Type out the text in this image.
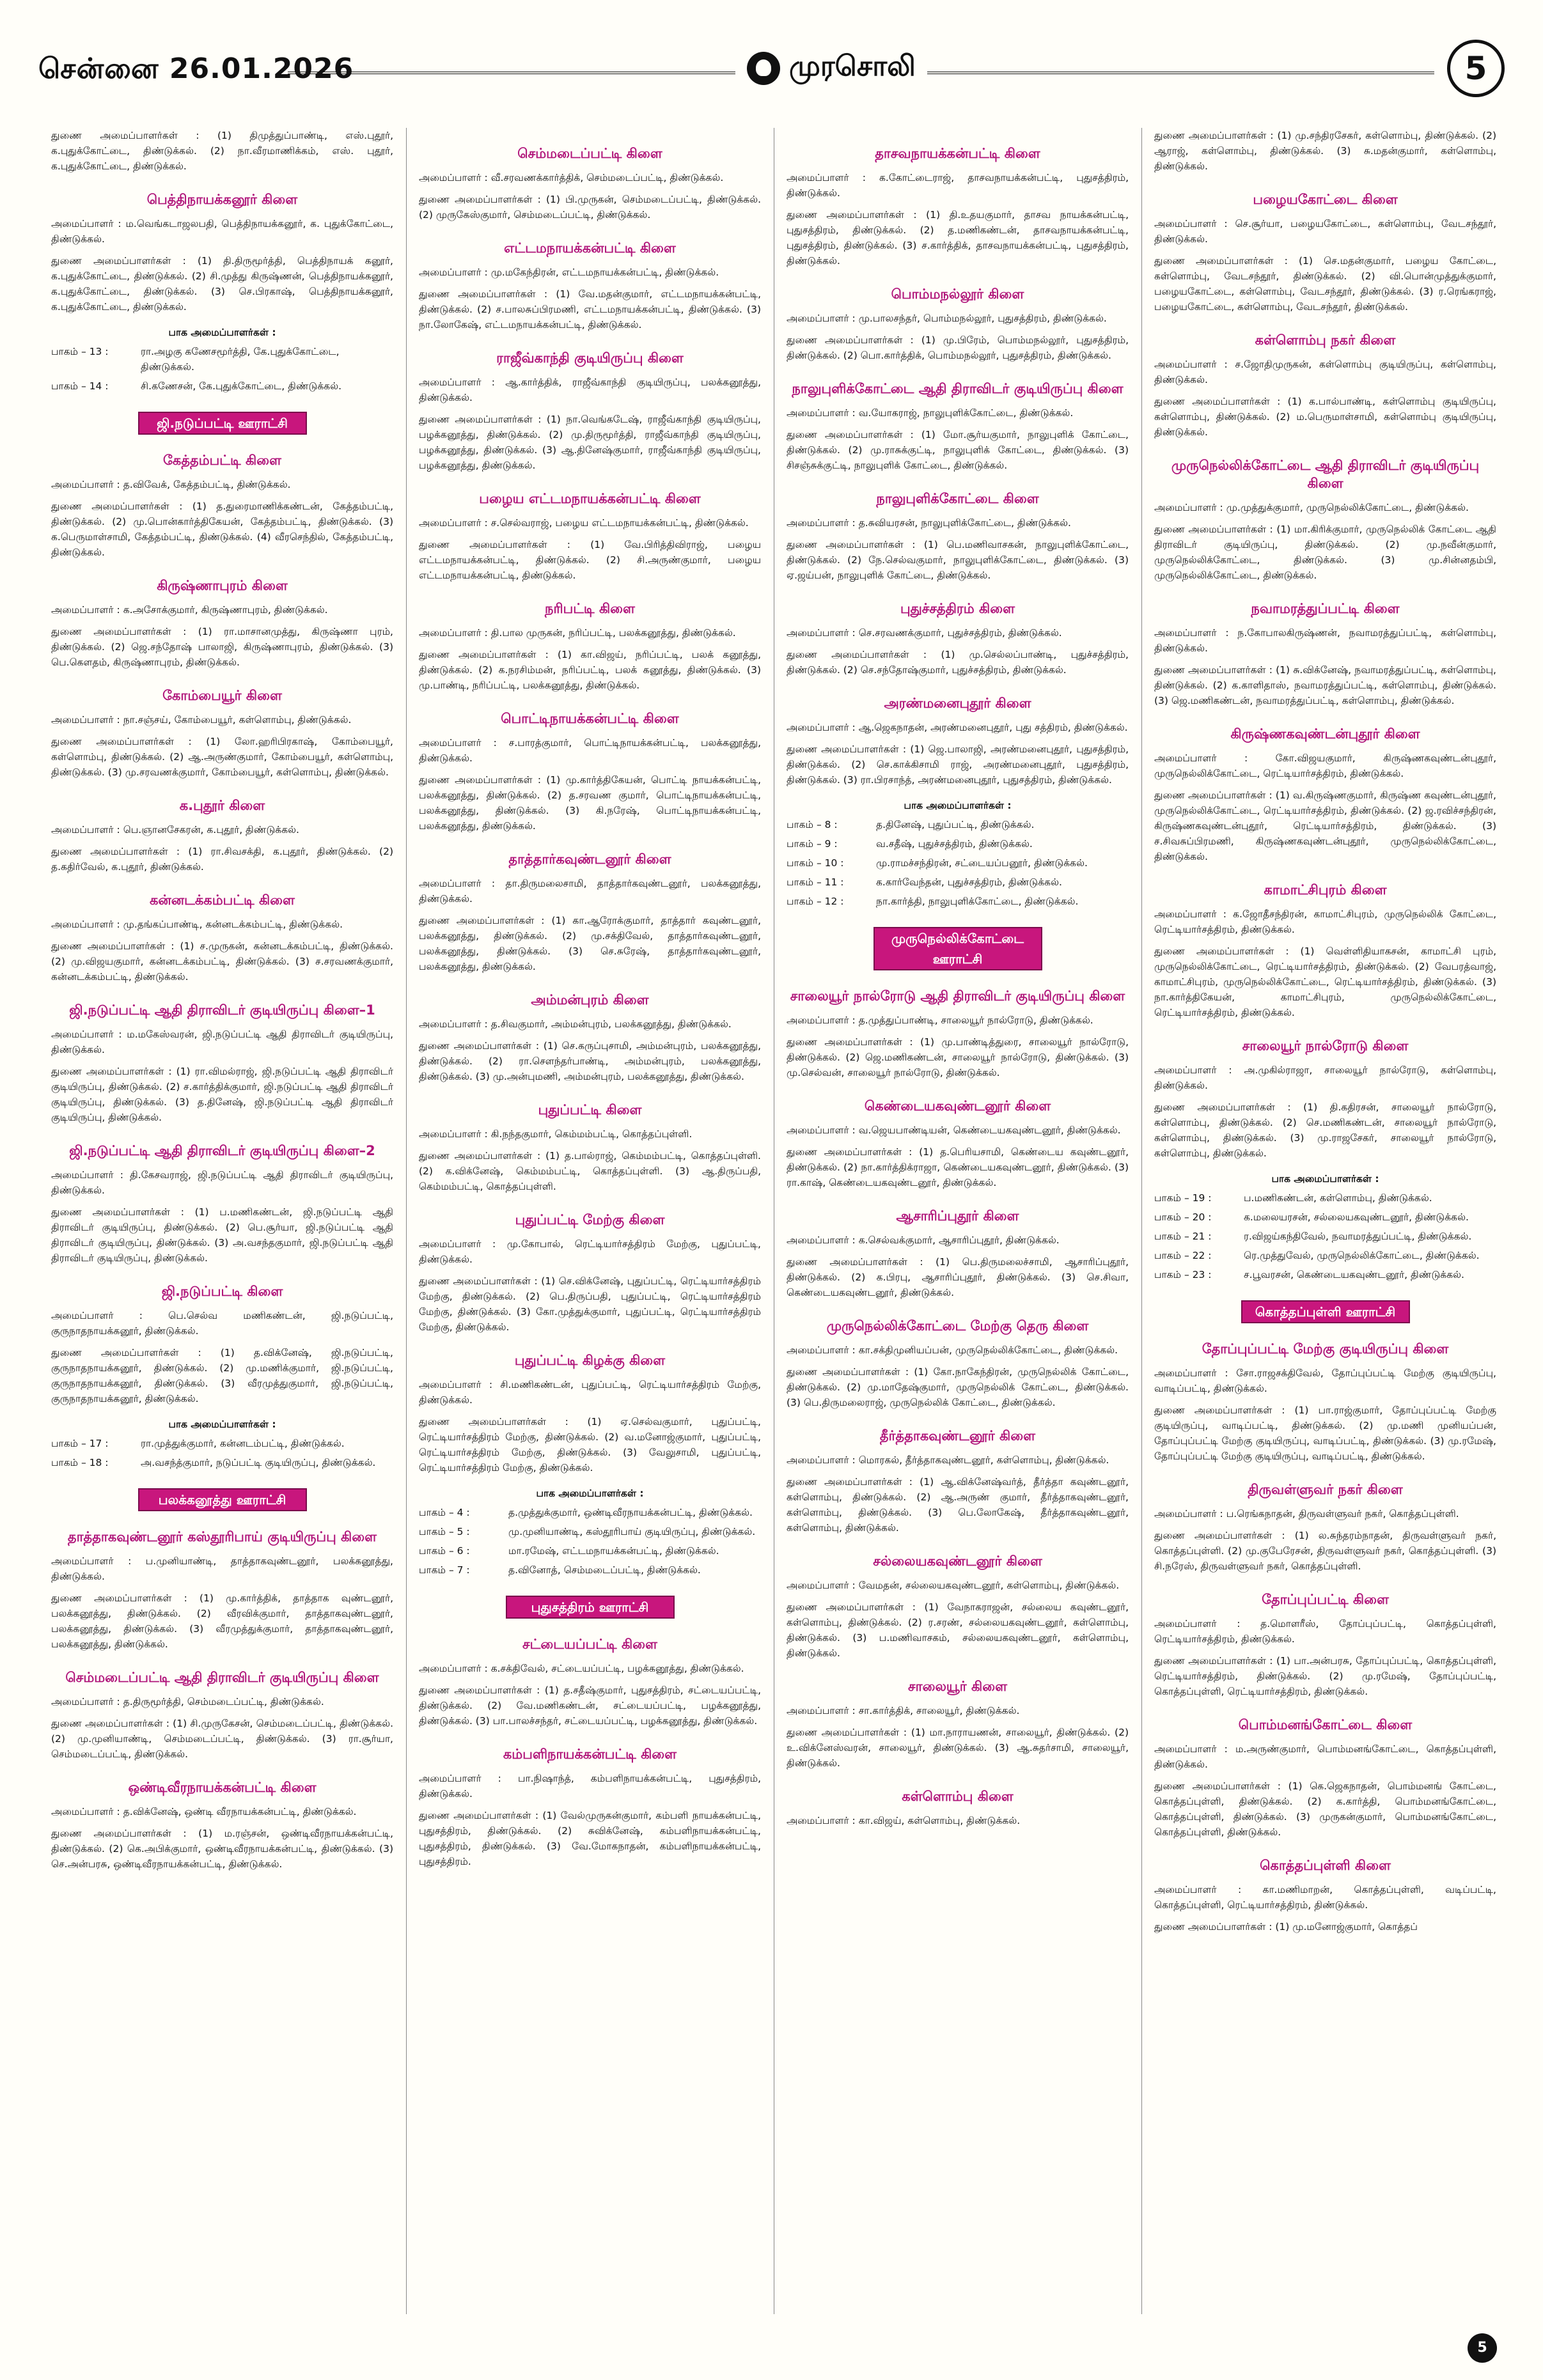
சென்னை 26.01.2026	முரசொலி	5

துணை அமைப்பாளர்கள் : (1) திமுத்துப்பாண்டி, எஸ்.புதூர், க.புதுக்கோட்டை, திண்டுக்கல். (2) நா.வீரமாணிக்கம், எஸ். புதூர், க.புதுக்கோட்டை, திண்டுக்கல்.

பெத்திநாயக்கனூர் கிளை

அமைப்பாளர் : ம.வெங்கடாஜலபதி, பெத்திநாயக்கனூர், க. புதுக்கோட்டை, திண்டுக்கல்.

துணை அமைப்பாளர்கள் : (1) தி.திருமூர்த்தி, பெத்திநாயக் கனூர், க.புதுக்கோட்டை, திண்டுக்கல். (2) சி.முத்து கிருஷ்ணன், பெத்திநாயக்கனூர், க.புதுக்கோட்டை, திண்டுக்கல். (3) செ.பிரகாஷ், பெத்திநாயக்கனூர், க.புதுக்கோட்டை, திண்டுக்கல்.

பாக அமைப்பாளர்கள் :
பாகம் – 13 :	ரா.அழகு கணேசமூர்த்தி, கே.புதுக்கோட்டை, திண்டுக்கல்.
பாகம் – 14 :	சி.கணேசன், கே.புதுக்கோட்டை, திண்டுக்கல்.
ஜி.நடுப்பட்டி ஊராட்சி
கேத்தம்பட்டி கிளை

அமைப்பாளர் : த.விவேக், கேத்தம்பட்டி, திண்டுக்கல்.

துணை அமைப்பாளர்கள் : (1) த.துரைமாணிக்கண்டன், கேத்தம்பட்டி, திண்டுக்கல். (2) மு.பொன்கார்த்திகேயன், கேத்தம்பட்டி, திண்டுக்கல். (3) க.பெருமாள்சாமி, கேத்தம்பட்டி, திண்டுக்கல். (4) வீரசெந்தில், கேத்தம்பட்டி, திண்டுக்கல்.

கிருஷ்ணாபுரம் கிளை

அமைப்பாளர் : க.அசோக்குமார், கிருஷ்ணாபுரம், திண்டுக்கல்.

துணை அமைப்பாளர்கள் : (1) ரா.மாசானமுத்து, கிருஷ்ணா புரம், திண்டுக்கல். (2) ஜெ.சந்தோஷ் பாலாஜி, கிருஷ்ணாபுரம், திண்டுக்கல். (3) பெ.கௌதம், கிருஷ்ணாபுரம், திண்டுக்கல்.

கோம்பையூர் கிளை

அமைப்பாளர் : நா.சஞ்சய், கோம்பையூர், கள்ளொம்பு, திண்டுக்கல்.

துணை அமைப்பாளர்கள் : (1) லோ.ஹரிபிரகாஷ், கோம்பையூர், கள்ளொம்பு, திண்டுக்கல். (2) ஆ.அருண்குமார், கோம்பையூர், கள்ளொம்பு, திண்டுக்கல். (3) மு.சரவணக்குமார், கோம்பையூர், கள்ளொம்பு, திண்டுக்கல்.

க.புதூர் கிளை

அமைப்பாளர் : பெ.ஞானசேகரன், க.புதூர், திண்டுக்கல்.

துணை அமைப்பாளர்கள் : (1) ரா.சிவசக்தி, க.புதூர், திண்டுக்கல். (2) த.கதிர்வேல், க.புதூர், திண்டுக்கல்.

கன்னடக்கம்பட்டி கிளை

அமைப்பாளர் : மு.தங்கப்பாண்டி, கன்னடக்கம்பட்டி, திண்டுக்கல்.

துணை அமைப்பாளர்கள் : (1) ச.முருகன், கன்னடக்கம்பட்டி, திண்டுக்கல். (2) மு.விஜயகுமார், கன்னடக்கம்பட்டி, திண்டுக்கல். (3) ச.சரவணக்குமார், கன்னடக்கம்பட்டி, திண்டுக்கல்.

ஜி.நடுப்பட்டி ஆதி திராவிடர் குடியிருப்பு கிளை–1

அமைப்பாளர் : ம.மகேஸ்வரன், ஜி.நடுப்பட்டி ஆதி திராவிடர் குடியிருப்பு, திண்டுக்கல்.

துணை அமைப்பாளர்கள் : (1) ரா.விமல்ராஜ், ஜி.நடுப்பட்டி ஆதி திராவிடர் குடியிருப்பு, திண்டுக்கல். (2) ச.கார்த்திக்குமார், ஜி.நடுப்பட்டி ஆதி திராவிடர் குடியிருப்பு, திண்டுக்கல். (3) த.தினேஷ், ஜி.நடுப்பட்டி ஆதி திராவிடர் குடியிருப்பு, திண்டுக்கல்.

ஜி.நடுப்பட்டி ஆதி திராவிடர் குடியிருப்பு கிளை–2

அமைப்பாளர் : தி.கேசவராஜ், ஜி.நடுப்பட்டி ஆதி திராவிடர் குடியிருப்பு, திண்டுக்கல்.

துணை அமைப்பாளர்கள் : (1) ப.மணிகண்டன், ஜி.நடுப்பட்டி ஆதி திராவிடர் குடியிருப்பு, திண்டுக்கல். (2) பெ.சூர்யா, ஜி.நடுப்பட்டி ஆதி திராவிடர் குடியிருப்பு, திண்டுக்கல். (3) அ.வசந்தகுமார், ஜி.நடுப்பட்டி ஆதி திராவிடர் குடியிருப்பு, திண்டுக்கல்.

ஜி.நடுப்பட்டி கிளை

அமைப்பாளர் : பெ.செல்வ மணிகண்டன், ஜி.நடுப்பட்டி, குருநாதநாயக்கனூர், திண்டுக்கல்.

துணை அமைப்பாளர்கள் : (1) த.விக்னேஷ், ஜி.நடுப்பட்டி, குருநாதநாயக்கனூர், திண்டுக்கல். (2) மு.மணிக்குமார், ஜி.நடுப்பட்டி, குருநாதநாயக்கனூர், திண்டுக்கல். (3) வீரமுத்துகுமார், ஜி.நடுப்பட்டி, குருநாதநாயக்கனூர், திண்டுக்கல்.

பாக அமைப்பாளர்கள் :
பாகம் – 17 :	ரா.முத்துக்குமார், கன்னடம்பட்டி, திண்டுக்கல்.
பாகம் – 18 :	அ.வசந்த்குமார், நடுப்பட்டி குடியிருப்பு, திண்டுக்கல்.
பலக்கனூத்து ஊராட்சி
தாத்தாகவுண்டனூர் கஸ்தூரிபாய் குடியிருப்பு கிளை

அமைப்பாளர் : ப.முனியாண்டி, தாத்தாகவுண்டனூர், பலக்கனூத்து, திண்டுக்கல்.

துணை அமைப்பாளர்கள் : (1) மு.கார்த்திக், தாத்தாக வுண்டனூர், பலக்கனூத்து, திண்டுக்கல். (2) வீரவிக்குமார், தாத்தாகவுண்டனூர், பலக்கனூத்து, திண்டுக்கல். (3) வீரமுத்துக்குமார், தாத்தாகவுண்டனூர், பலக்கனூத்து, திண்டுக்கல்.

செம்மடைப்பட்டி ஆதி திராவிடர் குடியிருப்பு கிளை

அமைப்பாளர் : த.திருமூர்த்தி, செம்மடைப்பட்டி, திண்டுக்கல்.

துணை அமைப்பாளர்கள் : (1) சி.முருகேசன், செம்மடைப்பட்டி, திண்டுக்கல். (2) மு.முனியாண்டி, செம்மடைப்பட்டி, திண்டுக்கல். (3) ரா.சூர்யா, செம்மடைப்பட்டி, திண்டுக்கல்.

ஒண்டிவீரநாயக்கன்பட்டி கிளை

அமைப்பாளர் : த.விக்னேஷ், ஒண்டி வீரநாயக்கன்பட்டி, திண்டுக்கல்.

துணை அமைப்பாளர்கள் : (1) ம.ரஞ்சன், ஒண்டிவீரநாயக்கன்பட்டி, திண்டுக்கல். (2) கெ.அபிக்குமார், ஒண்டிவீரநாயக்கன்பட்டி, திண்டுக்கல். (3) செ.அன்பரசு, ஒண்டிவீரநாயக்கன்பட்டி, திண்டுக்கல்.

செம்மடைப்பட்டி கிளை

அமைப்பாளர் : வீ.சரவணக்கார்த்திக், செம்மடைப்பட்டி, திண்டுக்கல்.

துணை அமைப்பாளர்கள் : (1) பி.முருகன், செம்மடைப்பட்டி, திண்டுக்கல். (2) முருகேஸ்குமார், செம்மடைப்பட்டி, திண்டுக்கல்.

எட்டமநாயக்கன்பட்டி கிளை

அமைப்பாளர் : மு.மகேந்திரன், எட்டமநாயக்கன்பட்டி, திண்டுக்கல்.

துணை அமைப்பாளர்கள் : (1) வே.மதன்குமார், எட்டமநாயக்கன்பட்டி, திண்டுக்கல். (2) ச.பாலசுப்பிரமணி, எட்டமநாயக்கன்பட்டி, திண்டுக்கல். (3) நா.லோகேஷ், எட்டமநாயக்கன்பட்டி, திண்டுக்கல்.

ராஜீவ்காந்தி குடியிருப்பு கிளை

அமைப்பாளர் : ஆ.கார்த்திக், ராஜீவ்காந்தி குடியிருப்பு, பலக்கனூத்து, திண்டுக்கல்.

துணை அமைப்பாளர்கள் : (1) நா.வெங்கடேஷ், ராஜீவ்காந்தி குடியிருப்பு, பழக்கனூத்து, திண்டுக்கல். (2) மு.திருமூர்த்தி, ராஜீவ்காந்தி குடியிருப்பு, பழக்கனூத்து, திண்டுக்கல். (3) ஆ.தினேஷ்குமார், ராஜீவ்காந்தி குடியிருப்பு, பழக்கனூத்து, திண்டுக்கல்.

பழைய எட்டமநாயக்கன்பட்டி கிளை

அமைப்பாளர் : ச.செல்வராஜ், பழைய எட்டமநாயக்கன்பட்டி, திண்டுக்கல்.

துணை அமைப்பாளர்கள் : (1) வே.பிரித்திவிராஜ், பழைய எட்டமநாயக்கன்பட்டி, திண்டுக்கல். (2) சி.அருண்குமார், பழைய எட்டமநாயக்கன்பட்டி, திண்டுக்கல்.

நரிபட்டி கிளை

அமைப்பாளர் : தி.பால முருகன், நரிப்பட்டி, பலக்கனூத்து, திண்டுக்கல்.

துணை அமைப்பாளர்கள் : (1) கா.விஜய், நரிப்பட்டி, பலக் கனூத்து, திண்டுக்கல். (2) க.நரசிம்மன், நரிப்பட்டி, பலக் கனூத்து, திண்டுக்கல். (3) மு.பாண்டி, நரிப்பட்டி, பலக்கனூத்து, திண்டுக்கல்.

பொட்டிநாயக்கன்பட்டி கிளை

அமைப்பாளர் : ச.பாரத்குமார், பொட்டிநாயக்கன்பட்டி, பலக்கனூத்து, திண்டுக்கல்.

துணை அமைப்பாளர்கள் : (1) மு.கார்த்திகேயன், பொட்டி நாயக்கன்பட்டி, பலக்கனூத்து, திண்டுக்கல். (2) த.சரவண குமார், பொட்டிநாயக்கன்பட்டி, பலக்கனூத்து, திண்டுக்கல். (3) கி.நரேஷ், பொட்டிநாயக்கன்பட்டி, பலக்கனூத்து, திண்டுக்கல்.

தாத்தார்கவுண்டனூர் கிளை

அமைப்பாளர் : தா.திருமலைசாமி, தாத்தார்கவுண்டனூர், பலக்கனூத்து, திண்டுக்கல்.

துணை அமைப்பாளர்கள் : (1) கா.ஆரோக்குமார், தாத்தார் கவுண்டனூர், பலக்கனூத்து, திண்டுக்கல். (2) மு.சக்திவேல், தாத்தார்கவுண்டனூர், பலக்கனூத்து, திண்டுக்கல். (3) செ.சுரேஷ், தாத்தார்கவுண்டனூர், பலக்கனூத்து, திண்டுக்கல்.

அம்மன்புரம் கிளை

அமைப்பாளர் : த.சிவகுமார், அம்மன்புரம், பலக்கனூத்து, திண்டுக்கல்.

துணை அமைப்பாளர்கள் : (1) செ.கருப்புசாமி, அம்மன்புரம், பலக்கனூத்து, திண்டுக்கல். (2) ரா.செளந்தர்பாண்டி, அம்மன்புரம், பலக்கனூத்து, திண்டுக்கல். (3) மு.அன்புமணி, அம்மன்புரம், பலக்கனூத்து, திண்டுக்கல்.

புதுப்பட்டி கிளை

அமைப்பாளர் : கி.நந்தகுமார், கெம்மம்பட்டி, கொத்தப்புள்ளி.

துணை அமைப்பாளர்கள் : (1) த.பால்ராஜ், கெம்மம்பட்டி, கொத்தப்புள்ளி. (2) க.விக்னேஷ், கெம்மம்பட்டி, கொத்தப்புள்ளி. (3) ஆ.திருப்பதி, கெம்மம்பட்டி, கொத்தப்புள்ளி.

புதுப்பட்டி மேற்கு கிளை

அமைப்பாளர் : மு.கோபால், ரெட்டியார்சத்திரம் மேற்கு, புதுப்பட்டி, திண்டுக்கல்.

துணை அமைப்பாளர்கள் : (1) செ.விக்னேஷ், புதுப்பட்டி, ரெட்டியார்சத்திரம் மேற்கு, திண்டுக்கல். (2) பெ.திருப்பதி, புதுப்பட்டி, ரெட்டியார்சத்திரம் மேற்கு, திண்டுக்கல். (3) கோ.முத்துக்குமார், புதுப்பட்டி, ரெட்டியார்சத்திரம் மேற்கு, திண்டுக்கல்.

புதுப்பட்டி கிழக்கு கிளை

அமைப்பாளர் : சி.மணிகண்டன், புதுப்பட்டி, ரெட்டியார்சத்திரம் மேற்கு, திண்டுக்கல்.

துணை அமைப்பாளர்கள் : (1) ஏ.செல்வகுமார், புதுப்பட்டி, ரெட்டியார்சத்திரம் மேற்கு, திண்டுக்கல். (2) வ.மனோஜ்குமார், புதுப்பட்டி, ரெட்டியார்சத்திரம் மேற்கு, திண்டுக்கல். (3) வேலுசாமி, புதுப்பட்டி, ரெட்டியார்சத்திரம் மேற்கு, திண்டுக்கல்.

பாக அமைப்பாளர்கள் :
பாகம் – 4 :	த.முத்துக்குமார், ஒண்டிவீரநாயக்கன்பட்டி, திண்டுக்கல்.
பாகம் – 5 :	மு.முனியாண்டி, கஸ்தூரிபாய் குடியிருப்பு, திண்டுக்கல்.
பாகம் – 6 :	மா.ரமேஷ், எட்டமநாயக்கன்பட்டி, திண்டுக்கல்.
பாகம் – 7 :	த.வினோத், செம்மடைப்பட்டி, திண்டுக்கல்.
புதுசத்திரம் ஊராட்சி
சட்டையப்பட்டி கிளை

அமைப்பாளர் : க.சக்திவேல், சட்டையப்பட்டி, பழக்கனூத்து, திண்டுக்கல்.

துணை அமைப்பாளர்கள் : (1) த.சதீஷ்குமார், புதுசத்திரம், சட்டையப்பட்டி, திண்டுக்கல். (2) வே.மணிகண்டன், சட்டையப்பட்டி, பழக்கனூத்து, திண்டுக்கல். (3) பா.பாலச்சந்தர், சட்டையப்பட்டி, பழக்கனூத்து, திண்டுக்கல்.

கம்பளிநாயக்கன்பட்டி கிளை

அமைப்பாளர் : பா.நிஷாந்த், கம்பளிநாயக்கன்பட்டி, புதுசத்திரம், திண்டுக்கல்.

துணை அமைப்பாளர்கள் : (1) வேல்முருகன்குமார், கம்பளி நாயக்கன்பட்டி, புதுசத்திரம், திண்டுக்கல். (2) சுவிக்னேஷ், கம்பளிநாயக்கன்பட்டி, புதுசத்திரம், திண்டுக்கல். (3) வே.மோகநாதன், கம்பளிநாயக்கன்பட்டி, புதுசத்திரம்.

தாசவநாயக்கன்பட்டி கிளை

அமைப்பாளர் : க.கோட்டைராஜ், தாசவநாயக்கன்பட்டி, புதுசத்திரம், திண்டுக்கல்.

துணை அமைப்பாளர்கள் : (1) தி.உதயகுமார், தாசவ நாயக்கன்பட்டி, புதுசத்திரம், திண்டுக்கல். (2) த.மணிகண்டன், தாசவநாயக்கன்பட்டி, புதுசத்திரம், திண்டுக்கல். (3) ச.கார்த்திக், தாசவநாயக்கன்பட்டி, புதுசத்திரம், திண்டுக்கல்.

பொம்மநல்லூர் கிளை

அமைப்பாளர் : மு.பாலசந்தர், பொம்மநல்லூர், புதுசத்திரம், திண்டுக்கல்.

துணை அமைப்பாளர்கள் : (1) மு.பிரேம், பொம்மநல்லூர், புதுசத்திரம், திண்டுக்கல். (2) பொ.கார்த்திக், பொம்மநல்லூர், புதுசத்திரம், திண்டுக்கல்.

நாலுபுளிக்கோட்டை ஆதி திராவிடர் குடியிருப்பு கிளை

அமைப்பாளர் : வ.யோகராஜ், நாலுபுளிக்கோட்டை, திண்டுக்கல்.

துணை அமைப்பாளர்கள் : (1) மோ.சூர்யகுமார், நாலுபுளிக் கோட்டை, திண்டுக்கல். (2) மு.ராசுக்குட்டி, நாலுபுளிக் கோட்டை, திண்டுக்கல். (3) சிசஞ்சுக்குட்டி, நாலுபுளிக் கோட்டை, திண்டுக்கல்.

நாலுபுளிக்கோட்டை கிளை

அமைப்பாளர் : த.சுவியரசன், நாலுபுளிக்கோட்டை, திண்டுக்கல்.

துணை அமைப்பாளர்கள் : (1) பெ.மணிவாசகன், நாலுபுளிக்கோட்டை, திண்டுக்கல். (2) நே.செல்வகுமார், நாலுபுளிக்கோட்டை, திண்டுக்கல். (3) ஏ.ஜய்பன், நாலுபுளிக் கோட்டை, திண்டுக்கல்.

புதுச்சத்திரம் கிளை

அமைப்பாளர் : செ.சரவணக்குமார், புதுச்சத்திரம், திண்டுக்கல்.

துணை அமைப்பாளர்கள் : (1) மு.செல்லப்பாண்டி, புதுச்சத்திரம், திண்டுக்கல். (2) செ.சந்தோஷ்குமார், புதுச்சத்திரம், திண்டுக்கல்.

அரண்மனைபுதூர் கிளை

அமைப்பாளர் : ஆ.ஜெகநாதன், அரண்மனைபுதூர், புது சத்திரம், திண்டுக்கல்.

துணை அமைப்பாளர்கள் : (1) ஜெ.பாலாஜி, அரண்மனைபுதூர், புதுசத்திரம், திண்டுக்கல். (2) செ.காக்கிசாமி ராஜ், அரண்மனைபுதூர், புதுசத்திரம், திண்டுக்கல். (3) ரா.பிரசாந்த், அரண்மனைபுதூர், புதுசத்திரம், திண்டுக்கல்.

பாக அமைப்பாளர்கள் :
பாகம் – 8 :	த.தினேஷ், புதுப்பட்டி, திண்டுக்கல்.
பாகம் – 9 :	வ.சதீஷ், புதுச்சத்திரம், திண்டுக்கல்.
பாகம் – 10 :	மு.ராமச்சந்திரன், சட்டையப்பனூர், திண்டுக்கல்.
பாகம் – 11 :	க.கார்வேந்தன், புதுச்சத்திரம், திண்டுக்கல்.
பாகம் – 12 :	நா.கார்த்தி, நாலுபுளிக்கோட்டை, திண்டுக்கல்.
முருநெல்லிக்கோட்டை ஊராட்சி
சாலையூர் நால்ரோடு ஆதி திராவிடர் குடியிருப்பு கிளை

அமைப்பாளர் : த.முத்துப்பாண்டி, சாலையூர் நால்ரோடு, திண்டுக்கல்.

துணை அமைப்பாளர்கள் : (1) மு.பாண்டித்துரை, சாலையூர் நால்ரோடு, திண்டுக்கல். (2) ஜெ.மணிகண்டன், சாலையூர் நால்ரோடு, திண்டுக்கல். (3) மு.செல்வன், சாலையூர் நால்ரோடு, திண்டுக்கல்.

கெண்டையகவுண்டனூர் கிளை

அமைப்பாளர் : வ.ஜெயபாண்டியன், கெண்டையகவுண்டனூர், திண்டுக்கல்.

துணை அமைப்பாளர்கள் : (1) த.பெரியசாமி, கெண்டைய கவுண்டனூர், திண்டுக்கல். (2) நா.கார்த்திக்ராஜா, கெண்டையகவுண்டனூர், திண்டுக்கல். (3) ரா.காஷ், கெண்டையகவுண்டனூர், திண்டுக்கல்.

ஆசாரிப்புதூர் கிளை

அமைப்பாளர் : க.செல்வக்குமார், ஆசாரிப்புதூர், திண்டுக்கல்.

துணை அமைப்பாளர்கள் : (1) பெ.திருமலைச்சாமி, ஆசாரிப்புதூர், திண்டுக்கல். (2) க.பிரபு, ஆசாரிப்புதூர், திண்டுக்கல். (3) செ.சிவா, கெண்டையகவுண்டனூர், திண்டுக்கல்.

முருநெல்லிக்கோட்டை மேற்கு தெரு கிளை

அமைப்பாளர் : கா.சக்திமுனியப்பன், முருநெல்லிக்கோட்டை, திண்டுக்கல்.

துணை அமைப்பாளர்கள் : (1) கோ.நாகேந்திரன், முருநெல்லிக் கோட்டை, திண்டுக்கல். (2) மு.மாதேஷ்குமார், முருநெல்லிக் கோட்டை, திண்டுக்கல். (3) பெ.திருமலைராஜ், முருநெல்லிக் கோட்டை, திண்டுக்கல்.

தீர்த்தாகவுண்டனூர் கிளை

அமைப்பாளர் : மொரகல், தீர்த்தாகவுண்டனூர், கள்ளொம்பு, திண்டுக்கல்.

துணை அமைப்பாளர்கள் : (1) ஆ.விக்னேஷ்வர்த், தீர்த்தா கவுண்டனூர், கள்ளொம்பு, திண்டுக்கல். (2) ஆ.அருண் குமார், தீர்த்தாகவுண்டனூர், கள்ளொம்பு, திண்டுக்கல். (3) பெ.லோகேஷ், தீர்த்தாகவுண்டனூர், கள்ளொம்பு, திண்டுக்கல்.

சல்லையகவுண்டனூர் கிளை

அமைப்பாளர் : வேமதன், சல்லையகவுண்டனூர், கள்ளொம்பு, திண்டுக்கல்.

துணை அமைப்பாளர்கள் : (1) வேநாகராஜன், சல்லைய கவுண்டனூர், கள்ளொம்பு, திண்டுக்கல். (2) ர.சரண், சல்லையகவுண்டனூர், கள்ளொம்பு, திண்டுக்கல். (3) ப.மணிவாசகம், சல்லையகவுண்டனூர், கள்ளொம்பு, திண்டுக்கல்.

சாலையூர் கிளை

அமைப்பாளர் : சா.கார்த்திக், சாலையூர், திண்டுக்கல்.

துணை அமைப்பாளர்கள் : (1) மா.நாராயணன், சாலையூர், திண்டுக்கல். (2) உ.விக்னேஸ்வரன், சாலையூர், திண்டுக்கல். (3) ஆ.சுதர்சாமி, சாலையூர், திண்டுக்கல்.

கள்ளொம்பு கிளை

அமைப்பாளர் : கா.விஜய், கள்ளொம்பு, திண்டுக்கல்.

துணை அமைப்பாளர்கள் : (1) மு.சந்திரசேகர், கள்ளொம்பு, திண்டுக்கல். (2) ஆராஜ், கள்ளொம்பு, திண்டுக்கல். (3) சு.மதன்குமார், கள்ளொம்பு, திண்டுக்கல்.

பழையகோட்டை கிளை

அமைப்பாளர் : செ.சூர்யா, பழையகோட்டை, கள்ளொம்பு, வேடசந்தூர், திண்டுக்கல்.

துணை அமைப்பாளர்கள் : (1) செ.மதன்குமார், பழைய கோட்டை, கள்ளொம்பு, வேடசந்தூர், திண்டுக்கல். (2) வி.பொன்முத்துக்குமார், பழையகோட்டை, கள்ளொம்பு, வேடசந்தூர், திண்டுக்கல். (3) ர.ரெங்கராஜ், பழையகோட்டை, கள்ளொம்பு, வேடசந்தூர், திண்டுக்கல்.

கள்ளொம்பு நகர் கிளை

அமைப்பாளர் : ச.ஜோதிமுருகன், கள்ளொம்பு குடியிருப்பு, கள்ளொம்பு, திண்டுக்கல்.

துணை அமைப்பாளர்கள் : (1) க.பால்பாண்டி, கள்ளொம்பு குடியிருப்பு, கள்ளொம்பு, திண்டுக்கல். (2) ம.பெருமாள்சாமி, கள்ளொம்பு குடியிருப்பு, திண்டுக்கல்.

முருநெல்லிக்கோட்டை ஆதி திராவிடர் குடியிருப்பு கிளை

அமைப்பாளர் : மு.முத்துக்குமார், முருநெல்லிக்கோட்டை, திண்டுக்கல்.

துணை அமைப்பாளர்கள் : (1) மா.கிரிக்குமார், முருநெல்லிக் கோட்டை ஆதி திராவிடர் குடியிருப்பு, திண்டுக்கல். (2) மு.நவீன்குமார், முருநெல்லிக்கோட்டை, திண்டுக்கல். (3) மு.சின்னதம்பி, முருநெல்லிக்கோட்டை, திண்டுக்கல்.

நவாமரத்துப்பட்டி கிளை

அமைப்பாளர் : ந.கோபாலகிருஷ்ணன், நவாமரத்துப்பட்டி, கள்ளொம்பு, திண்டுக்கல்.

துணை அமைப்பாளர்கள் : (1) சு.விக்னேஷ், நவாமரத்துப்பட்டி, கள்ளொம்பு, திண்டுக்கல். (2) க.காளிதாஸ், நவாமரத்துப்பட்டி, கள்ளொம்பு, திண்டுக்கல். (3) ஜெ.மணிகண்டன், நவாமரத்துப்பட்டி, கள்ளொம்பு, திண்டுக்கல்.

கிருஷ்ணகவுண்டன்புதூர் கிளை

அமைப்பாளர் : கோ.விஜயகுமார், கிருஷ்ணகவுண்டன்புதூர், முருநெல்லிக்கோட்டை, ரெட்டியார்சத்திரம், திண்டுக்கல்.

துணை அமைப்பாளர்கள் : (1) வ.கிருஷ்ணகுமார், கிருஷ்ண கவுண்டன்புதூர், முருநெல்லிக்கோட்டை, ரெட்டியார்சத்திரம், திண்டுக்கல். (2) ஜ.ரவிச்சந்திரன், கிருஷ்ணகவுண்டன்புதூர், ரெட்டியார்சத்திரம், திண்டுக்கல். (3) ச.சிவசுப்பிரமணி, கிருஷ்ணகவுண்டன்புதூர், முருநெல்லிக்கோட்டை, திண்டுக்கல்.

காமாட்சிபுரம் கிளை

அமைப்பாளர் : க.ஜோதீசந்திரன், காமாட்சிபுரம், முருநெல்லிக் கோட்டை, ரெட்டியார்சத்திரம், திண்டுக்கல்.

துணை அமைப்பாளர்கள் : (1) வெள்ளிதியாகசன், காமாட்சி புரம், முருநெல்லிக்கோட்டை, ரெட்டியார்சத்திரம், திண்டுக்கல். (2) வேபரத்வாஜ், காமாட்சிபுரம், முருநெல்லிக்கோட்டை, ரெட்டியார்சத்திரம், திண்டுக்கல். (3) நா.கார்த்திகேயன், காமாட்சிபுரம், முருநெல்லிக்கோட்டை, ரெட்டியார்சத்திரம், திண்டுக்கல்.

சாலையூர் நால்ரோடு கிளை

அமைப்பாளர் : அ.முகில்ராஜா, சாலையூர் நால்ரோடு, கள்ளொம்பு, திண்டுக்கல்.

துணை அமைப்பாளர்கள் : (1) தி.கதிரசன், சாலையூர் நால்ரோடு, கள்ளொம்பு, திண்டுக்கல். (2) செ.மணிகண்டன், சாலையூர் நால்ரோடு, கள்ளொம்பு, திண்டுக்கல். (3) மு.ராஜசேகர், சாலையூர் நால்ரோடு, கள்ளொம்பு, திண்டுக்கல்.

பாக அமைப்பாளர்கள் :
பாகம் – 19 :	ப.மணிகண்டன், கள்ளொம்பு, திண்டுக்கல்.
பாகம் – 20 :	க.மலையரசன், சல்லையகவுண்டனூர், திண்டுக்கல்.
பாகம் – 21 :	ர.விஜய்கந்திவேல், நவாமரத்துப்பட்டி, திண்டுக்கல்.
பாகம் – 22 :	ரெ.முத்துவேல், முருநெல்லிக்கோட்டை, திண்டுக்கல்.
பாகம் – 23 :	ச.பூவரசன், கெண்டையகவுண்டனூர், திண்டுக்கல்.
கொத்தப்புள்ளி ஊராட்சி
தோப்புப்பட்டி மேற்கு குடியிருப்பு கிளை

அமைப்பாளர் : சோ.ராஜசக்திவேல், தோப்புப்பட்டி மேற்கு குடியிருப்பு, வாடிப்பட்டி, திண்டுக்கல்.

துணை அமைப்பாளர்கள் : (1) பா.ராஜ்குமார், தோப்புப்பட்டி மேற்கு குடியிருப்பு, வாடிப்பட்டி, திண்டுக்கல். (2) மு.மணி முனியப்பன், தோப்புப்பட்டி மேற்கு குடியிருப்பு, வாடிப்பட்டி, திண்டுக்கல். (3) மு.ரமேஷ், தோப்புப்பட்டி மேற்கு குடியிருப்பு, வாடிப்பட்டி, திண்டுக்கல்.

திருவள்ளுவர் நகர் கிளை

அமைப்பாளர் : ப.ரெங்கநாதன், திருவள்ளுவர் நகர், கொத்தப்புள்ளி.

துணை அமைப்பாளர்கள் : (1) ல.சுந்தரம்நாதன், திருவள்ளுவர் நகர், கொத்தப்புள்ளி. (2) மு.குபேரேசன், திருவள்ளுவர் நகர், கொத்தப்புள்ளி. (3) சி.நரேஸ், திருவள்ளுவர் நகர், கொத்தப்புள்ளி.

தோப்புப்பட்டி கிளை

அமைப்பாளர் : த.மொளரீஸ், தோப்புப்பட்டி, கொத்தப்புள்ளி, ரெட்டியார்சத்திரம், திண்டுக்கல்.

துணை அமைப்பாளர்கள் : (1) பா.அன்பரசு, தோப்புப்பட்டி, கொத்தப்புள்ளி, ரெட்டியார்சத்திரம், திண்டுக்கல். (2) மு.ரமேஷ், தோப்புப்பட்டி, கொத்தப்புள்ளி, ரெட்டியார்சத்திரம், திண்டுக்கல்.

பொம்மனங்கோட்டை கிளை

அமைப்பாளர் : ம.அருண்குமார், பொம்மனங்கோட்டை, கொத்தப்புள்ளி, திண்டுக்கல்.

துணை அமைப்பாளர்கள் : (1) கெ.ஜெகநாதன், பொம்மனங் கோட்டை, கொத்தப்புள்ளி, திண்டுக்கல். (2) க.கார்த்தி, பொம்மனங்கோட்டை, கொத்தப்புள்ளி, திண்டுக்கல். (3) முருகன்குமார், பொம்மனங்கோட்டை, கொத்தப்புள்ளி, திண்டுக்கல்.

கொத்தப்புள்ளி கிளை

அமைப்பாளர் : கா.மணிமாறன், கொத்தப்புள்ளி, வடிப்பட்டி, கொத்தப்புள்ளி, ரெட்டியார்சத்திரம், திண்டுக்கல்.

துணை அமைப்பாளர்கள் : (1) மு.மனோஜ்குமார், கொத்தப்

5
